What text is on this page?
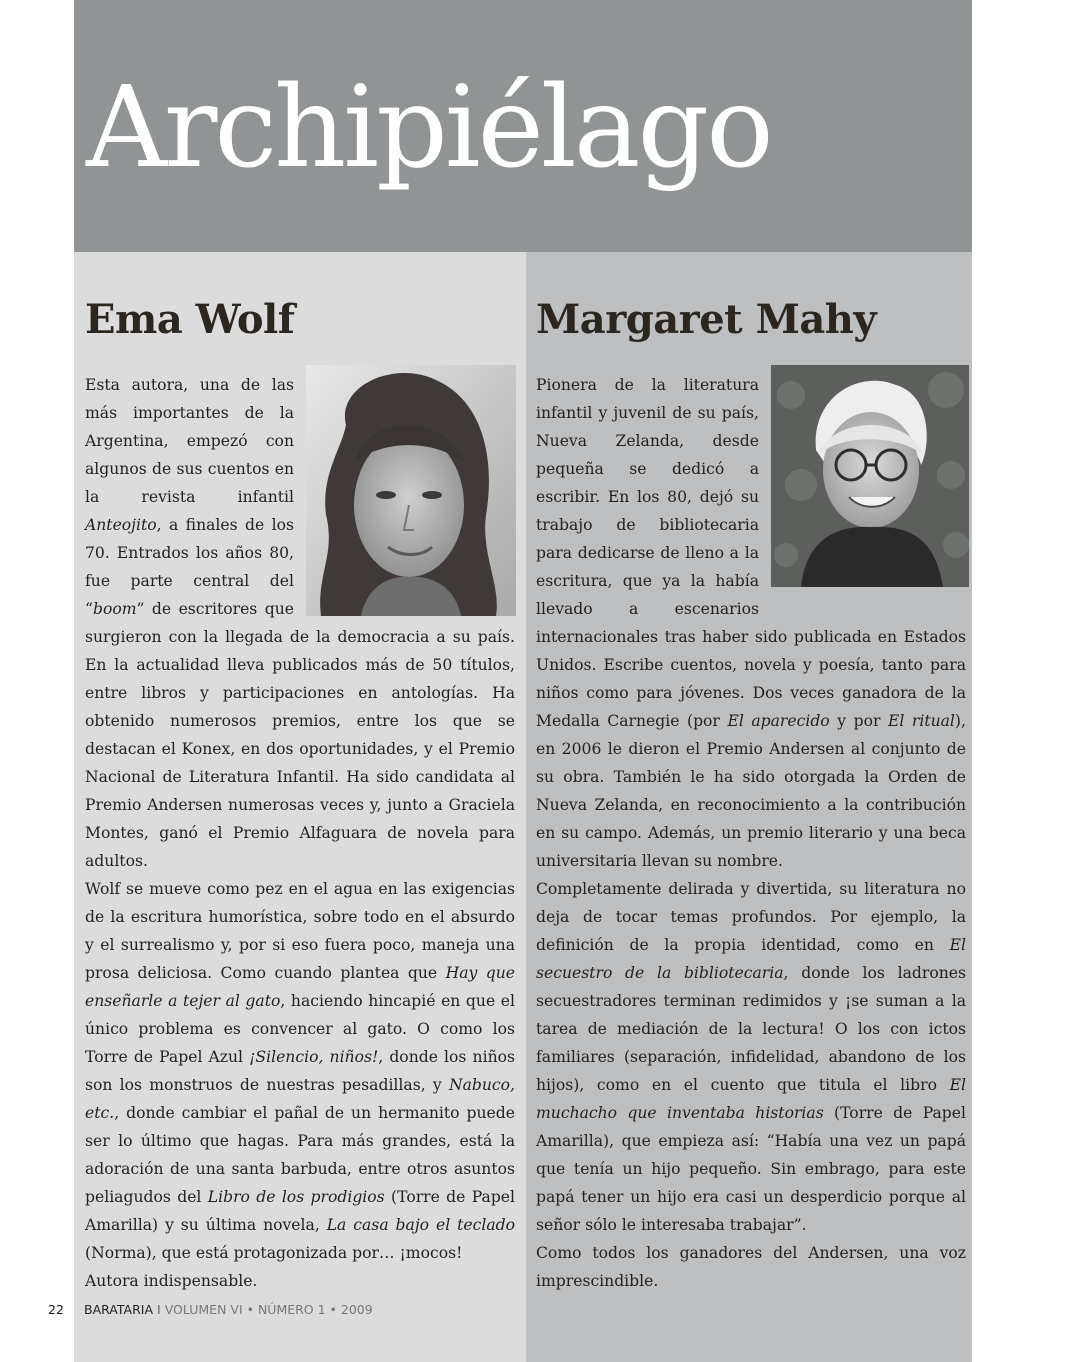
Archipiélago
Ema Wolf

Esta autora, una de las más importantes de la Argentina, empezó con algunos de sus cuentos en la revista infantil Anteojito, a finales de los 70. Entrados los años 80, fue parte central del “boom” de escritores que surgieron con la llegada de la democracia a su país. En la actualidad lleva publicados más de 50 títulos, entre libros y participaciones en antologías. Ha obtenido numerosos premios, entre los que se destacan el Konex, en dos oportunidades, y el Premio Nacional de Literatura Infantil. Ha sido candidata al Premio Andersen numerosas veces y, junto a Graciela Montes, ganó el Premio Alfaguara de novela para adultos.

Wolf se mueve como pez en el agua en las exigencias de la escritura humorística, sobre todo en el absurdo y el surrealismo y, por si eso fuera poco, maneja una prosa deliciosa. Como cuando plantea que Hay que enseñarle a tejer al gato, haciendo hincapié en que el único problema es convencer al gato. O como los Torre de Papel Azul ¡Silencio, niños!, donde los niños son los monstruos de nuestras pesadillas, y Nabuco, etc., donde cambiar el pañal de un hermanito puede ser lo último que hagas. Para más grandes, está la adoración de una santa barbuda, entre otros asuntos peliagudos del Libro de los prodigios (Torre de Papel Amarilla) y su última novela, La casa bajo el teclado (Norma), que está protagonizada por… ¡mocos!

Autora indispensable.

Margaret Mahy

Pionera de la literatura infantil y juvenil de su país, Nueva Zelanda, desde pequeña se dedicó a escribir. En los 80, dejó su trabajo de bibliotecaria para dedicarse de lleno a la escritura, que ya la había llevado a escenarios internacionales tras haber sido publicada en Estados Unidos. Escribe cuentos, novela y poesía, tanto para niños como para jóvenes. Dos veces ganadora de la Medalla Carnegie (por El aparecido y por El ritual), en 2006 le dieron el Premio Andersen al conjunto de su obra. También le ha sido otorgada la Orden de Nueva Zelanda, en reconocimiento a la contribución en su campo. Además, un premio literario y una beca universitaria llevan su nombre.

Completamente delirada y divertida, su literatura no deja de tocar temas profundos. Por ejemplo, la definición de la propia identidad, como en El secuestro de la bibliotecaria, donde los ladrones secuestradores terminan redimidos y ¡se suman a la tarea de mediación de la lectura! O los con ictos familiares (separación, infidelidad, abandono de los hijos), como en el cuento que titula el libro El muchacho que inventaba historias (Torre de Papel Amarilla), que empieza así: “Había una vez un papá que tenía un hijo pequeño. Sin embrago, para este papá tener un hijo era casi un desperdicio porque al señor sólo le interesaba trabajar”.

Como todos los ganadores del Andersen, una voz imprescindible.

22 BARATARIA I VOLUMEN VI • NÚMERO 1 • 2009
